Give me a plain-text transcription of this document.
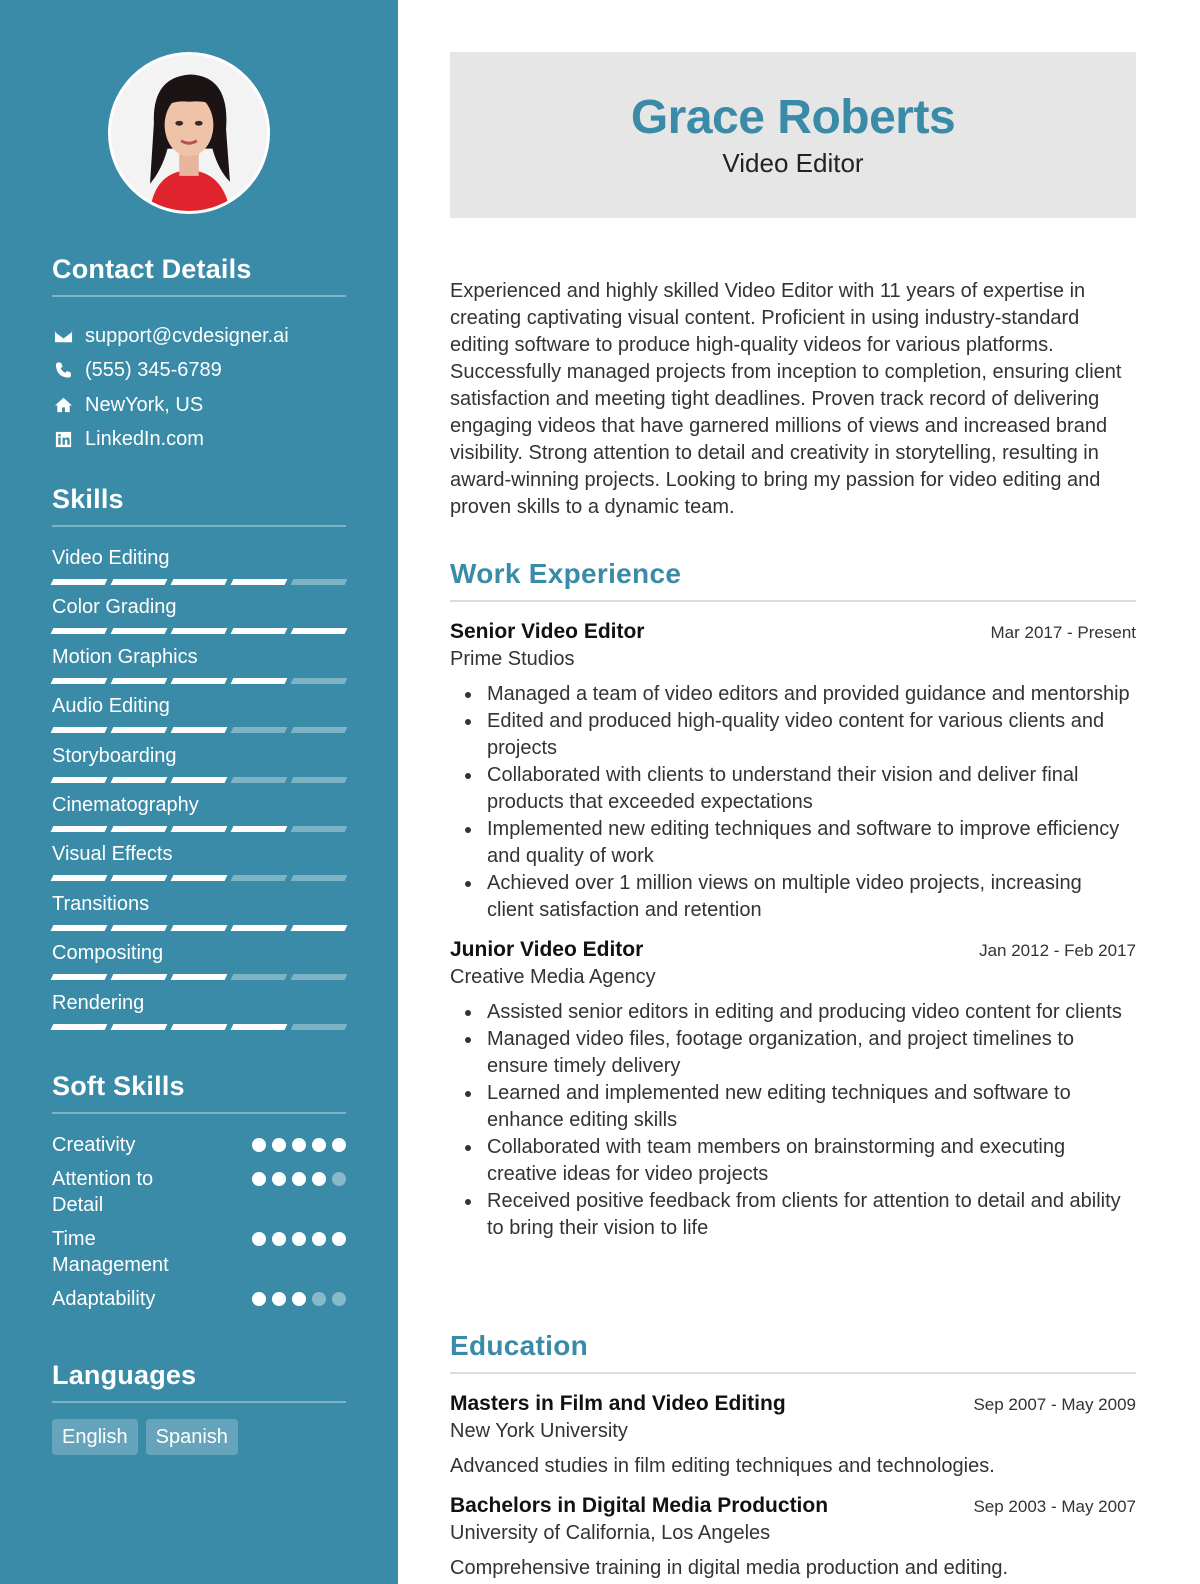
Contact Details
support@cvdesigner.ai
(555) 345-6789
NewYork, US
LinkedIn.com
Skills
Video Editing
Color Grading
Motion Graphics
Audio Editing
Storyboarding
Cinematography
Visual Effects
Transitions
Compositing
Rendering
Soft Skills
Creativity
Attention to Detail
Time Management
Adaptability
Languages
English	Spanish
Grace Roberts
Video Editor

Experienced and highly skilled Video Editor with 11 years of expertise in creating captivating visual content. Proficient in using industry-standard editing software to produce high-quality videos for various platforms. Successfully managed projects from inception to completion, ensuring client satisfaction and meeting tight deadlines. Proven track record of delivering engaging videos that have garnered millions of views and increased brand visibility. Strong attention to detail and creativity in storytelling, resulting in award-winning projects. Looking to bring my passion for video editing and proven skills to a dynamic team.

Work Experience
Senior Video Editor	Mar 2017 - Present
Prime Studios
Managed a team of video editors and provided guidance and mentorship
Edited and produced high-quality video content for various clients and projects
Collaborated with clients to understand their vision and deliver final products that exceeded expectations
Implemented new editing techniques and software to improve efficiency and quality of work
Achieved over 1 million views on multiple video projects, increasing client satisfaction and retention
Junior Video Editor	Jan 2012 - Feb 2017
Creative Media Agency
Assisted senior editors in editing and producing video content for clients
Managed video files, footage organization, and project timelines to ensure timely delivery
Learned and implemented new editing techniques and software to enhance editing skills
Collaborated with team members on brainstorming and executing creative ideas for video projects
Received positive feedback from clients for attention to detail and ability to bring their vision to life
Education
Masters in Film and Video Editing	Sep 2007 - May 2009
New York University
Advanced studies in film editing techniques and technologies.
Bachelors in Digital Media Production	Sep 2003 - May 2007
University of California, Los Angeles
Comprehensive training in digital media production and editing.
